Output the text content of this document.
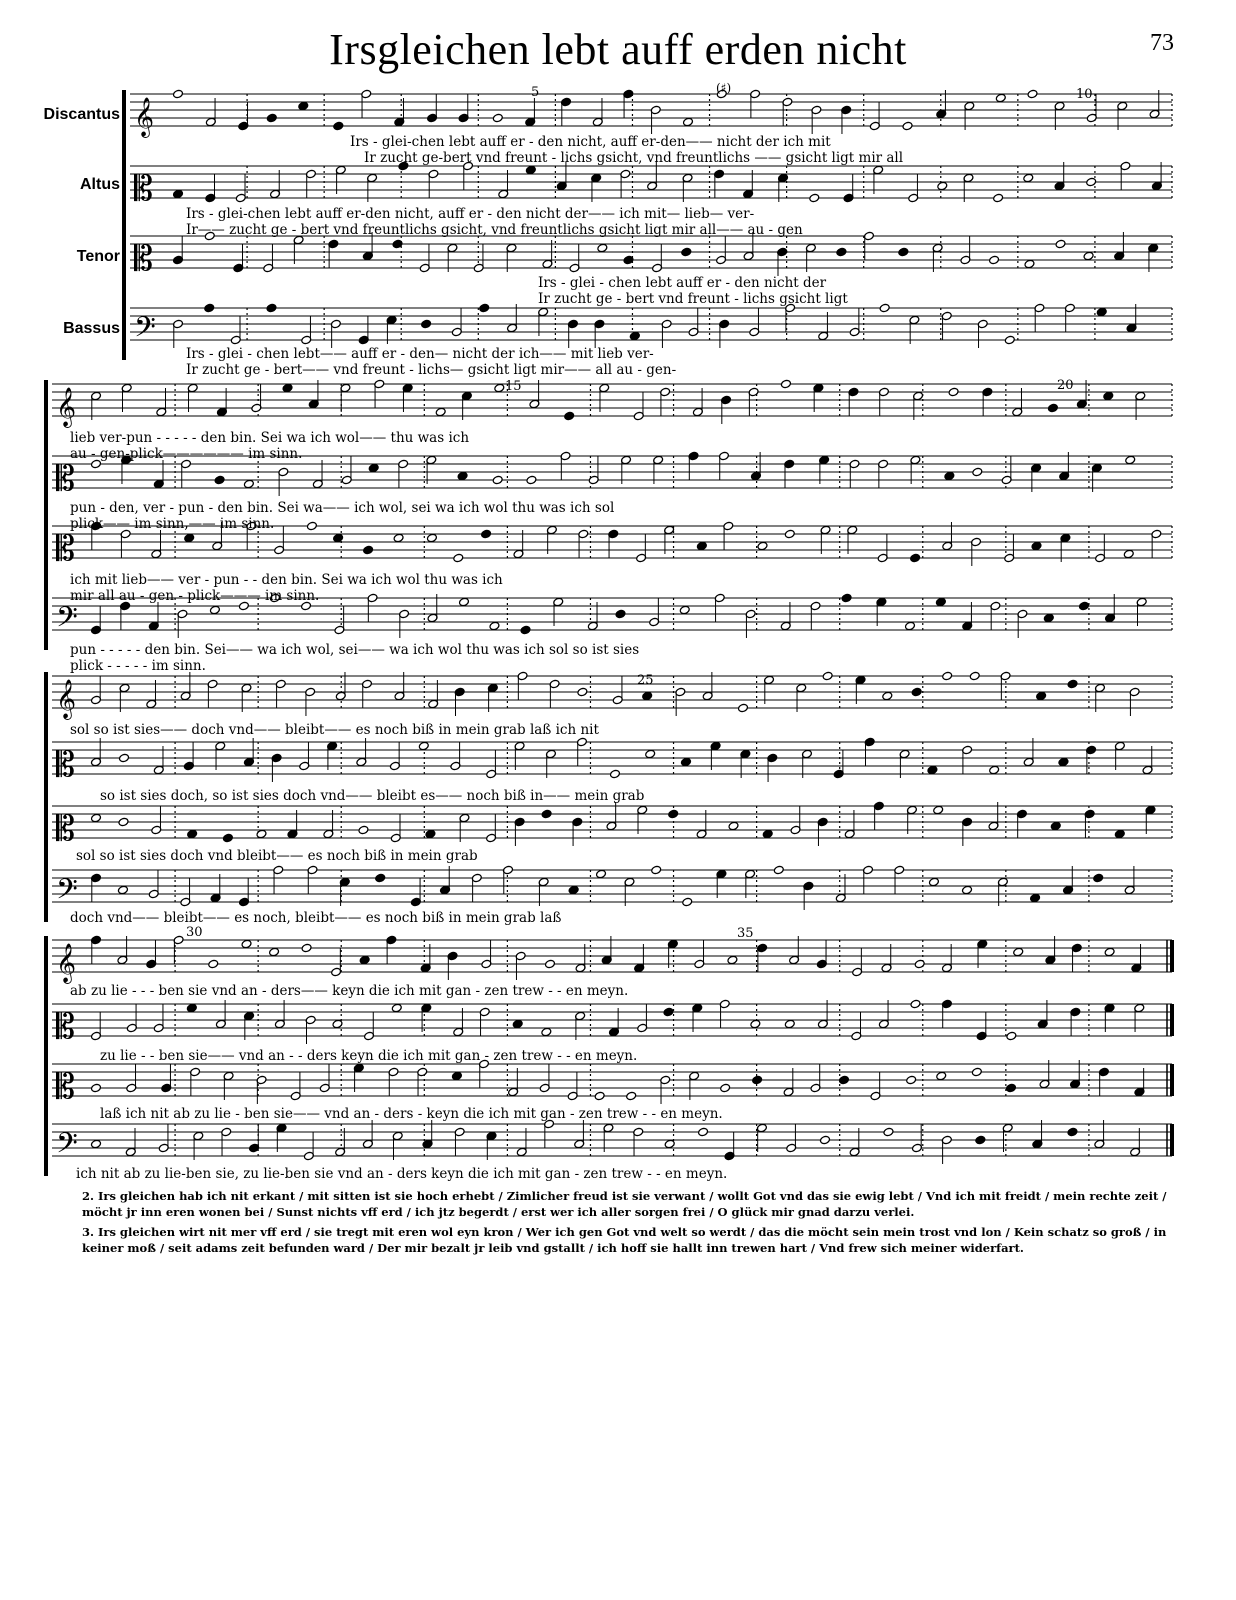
Irsgleichen lebt auff erden nicht	73
Discantus
Altus
Tenor
Bassus
𝄞
𝄡
𝄡
𝄢
𝄞
𝄡
𝄡
𝄢
𝄞
𝄡
𝄡
𝄢
𝄞
𝄡
𝄡
𝄢
5	(♯)	10
15	20
25
30	35
Irs - glei-chen lebt auff er - den nicht, auff er-den—— nicht der ich mit
Ir zucht ge-bert vnd freunt - lichs gsicht, vnd freuntlichs —— gsicht ligt mir all
Irs - glei-chen lebt auff er-den nicht, auff er - den nicht der—— ich mit— lieb— ver-
Ir—— zucht ge - bert vnd freuntlichs gsicht, vnd freuntlichs gsicht ligt mir all—— au - gen
Irs - glei - chen lebt auff er - den nicht der
Ir zucht ge - bert vnd freunt - lichs gsicht ligt
Irs - glei - chen lebt—— auff er - den— nicht der ich—— mit lieb ver-
Ir zucht ge - bert—— vnd freunt - lichs— gsicht ligt mir—— all au - gen-
lieb ver-pun - - - - - den bin. Sei wa ich wol—— thu was ich
au - gen-plick—————— im sinn.
pun - den, ver - pun - den bin. Sei wa—— ich wol, sei wa ich wol thu was ich sol
plick—— im sinn,—— im sinn.
ich mit lieb—— ver - pun - - den bin. Sei wa ich wol thu was ich
mir all au - gen - plick——— im sinn.
pun - - - - - den bin. Sei—— wa ich wol, sei—— wa ich wol thu was ich sol so ist sies
plick - - - - - im sinn.
sol so ist sies—— doch vnd—— bleibt—— es noch biß in mein grab laß ich nit
so ist sies doch, so ist sies doch vnd—— bleibt es—— noch biß in—— mein grab
sol so ist sies doch vnd bleibt—— es noch biß in mein grab
doch vnd—— bleibt—— es noch, bleibt—— es noch biß in mein grab laß
ab zu lie - - - ben sie vnd an - ders—— keyn die ich mit gan - zen trew - - en meyn.
zu lie - - ben sie—— vnd an - - ders keyn die ich mit gan - zen trew - - en meyn.
laß ich nit ab zu lie - ben sie—— vnd an - ders - keyn die ich mit gan - zen trew - - en meyn.
ich nit ab zu lie-ben sie, zu lie-ben sie vnd an - ders keyn die ich mit gan - zen trew - - en meyn.

2. Irs gleichen hab ich nit erkant / mit sitten ist sie hoch erhebt / Zimlicher freud ist sie verwant / wollt Got vnd das sie ewig lebt / Vnd ich mit freidt / mein rechte zeit / möcht jr inn eren wonen bei / Sunst nichts vff erd / ich jtz begerdt / erst wer ich aller sorgen frei / O glück mir gnad darzu verlei.

3. Irs gleichen wirt nit mer vff erd / sie tregt mit eren wol eyn kron / Wer ich gen Got vnd welt so werdt / das die möcht sein mein trost vnd lon / Kein schatz so groß / in keiner moß / seit adams zeit befunden ward / Der mir bezalt jr leib vnd gstallt / ich hoff sie hallt inn trewen hart / Vnd frew sich meiner widerfart.
